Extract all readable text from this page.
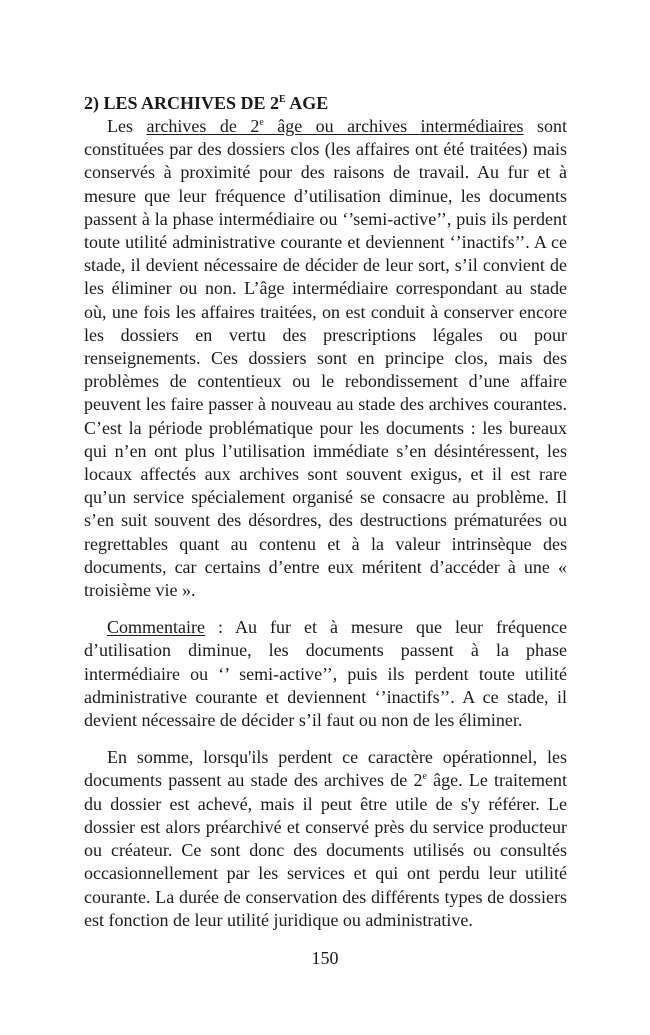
2) LES ARCHIVES DE $2^E$ AGE

Les archives de 2e âge ou archives intermédiaires sont constituées par des dossiers clos (les affaires ont été traitées) mais conservés à proximité pour des raisons de travail. Au fur et à mesure que leur fréquence d’utilisation diminue, les documents passent à la phase intermédiaire ou ‘’semi-active’’, puis ils perdent toute utilité administrative courante et deviennent ‘’inactifs’’. A ce stade, il devient nécessaire de décider de leur sort, s’il convient de les éliminer ou non. L’âge intermédiaire correspondant au stade où, une fois les affaires traitées, on est conduit à conserver encore les dossiers en vertu des prescriptions légales ou pour renseignements. Ces dossiers sont en principe clos, mais des problèmes de contentieux ou le rebondissement d’une affaire peuvent les faire passer à nouveau au stade des archives courantes. C’est la période problématique pour les documents : les bureaux qui n’en ont plus l’utilisation immédiate s’en désintéressent, les locaux affectés aux archives sont souvent exigus, et il est rare qu’un service spécialement organisé se consacre au problème. Il s’en suit souvent des désordres, des destructions prématurées ou regrettables quant au contenu et à la valeur intrinsèque des documents, car certains d’entre eux méritent d’accéder à une « troisième vie ».

Commentaire : Au fur et à mesure que leur fréquence d’utilisation diminue, les documents passent à la phase intermédiaire ou ‘’ semi-active’’, puis ils perdent toute utilité administrative courante et deviennent ‘’inactifs’’. A ce stade, il devient nécessaire de décider s’il faut ou non de les éliminer.

En somme, lorsqu'ils perdent ce caractère opérationnel, les documents passent au stade des archives de 2e âge. Le traitement du dossier est achevé, mais il peut être utile de s'y référer. Le dossier est alors préarchivé et conservé près du service producteur ou créateur. Ce sont donc des documents utilisés ou consultés occasionnellement par les services et qui ont perdu leur utilité courante. La durée de conservation des différents types de dossiers est fonction de leur utilité juridique ou administrative.

150
